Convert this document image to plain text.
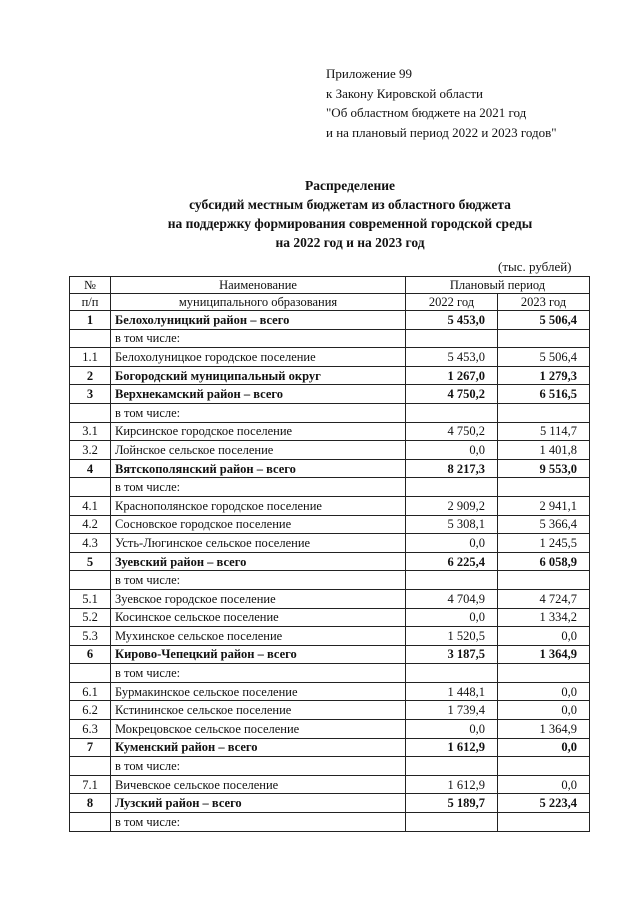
Приложение 99
к Закону Кировской области
"Об областном бюджете на 2021 год
и на плановый период 2022 и 2023 годов"
Распределение
субсидий местным бюджетам из областного бюджета
на поддержку формирования современной городской среды
на 2022 год и на 2023 год
(тыс. рублей)
№	Наименование	Плановый период	
п/п	муниципального образования	2022 год	2023 год
1	Белохолуницкий район – всего	5 453,0	5 506,4
	в том числе:		
1.1	Белохолуницкое городское поселение	5 453,0	5 506,4
2	Богородский муниципальный округ	1 267,0	1 279,3
3	Верхнекамский район – всего	4 750,2	6 516,5
	в том числе:		
3.1	Кирсинское городское поселение	4 750,2	5 114,7
3.2	Лойнское сельское поселение	0,0	1 401,8
4	Вятскополянский район – всего	8 217,3	9 553,0
	в том числе:		
4.1	Краснополянское городское поселение	2 909,2	2 941,1
4.2	Сосновское городское поселение	5 308,1	5 366,4
4.3	Усть-Люгинское сельское поселение	0,0	1 245,5
5	Зуевский район – всего	6 225,4	6 058,9
	в том числе:		
5.1	Зуевское городское поселение	4 704,9	4 724,7
5.2	Косинское сельское поселение	0,0	1 334,2
5.3	Мухинское сельское поселение	1 520,5	0,0
6	Кирово-Чепецкий район – всего	3 187,5	1 364,9
	в том числе:		
6.1	Бурмакинское сельское поселение	1 448,1	0,0
6.2	Кстининское сельское поселение	1 739,4	0,0
6.3	Мокрецовское сельское поселение	0,0	1 364,9
7	Куменский район – всего	1 612,9	0,0
	в том числе:		
7.1	Вичевское сельское поселение	1 612,9	0,0
8	Лузский район – всего	5 189,7	5 223,4
	в том числе:		
